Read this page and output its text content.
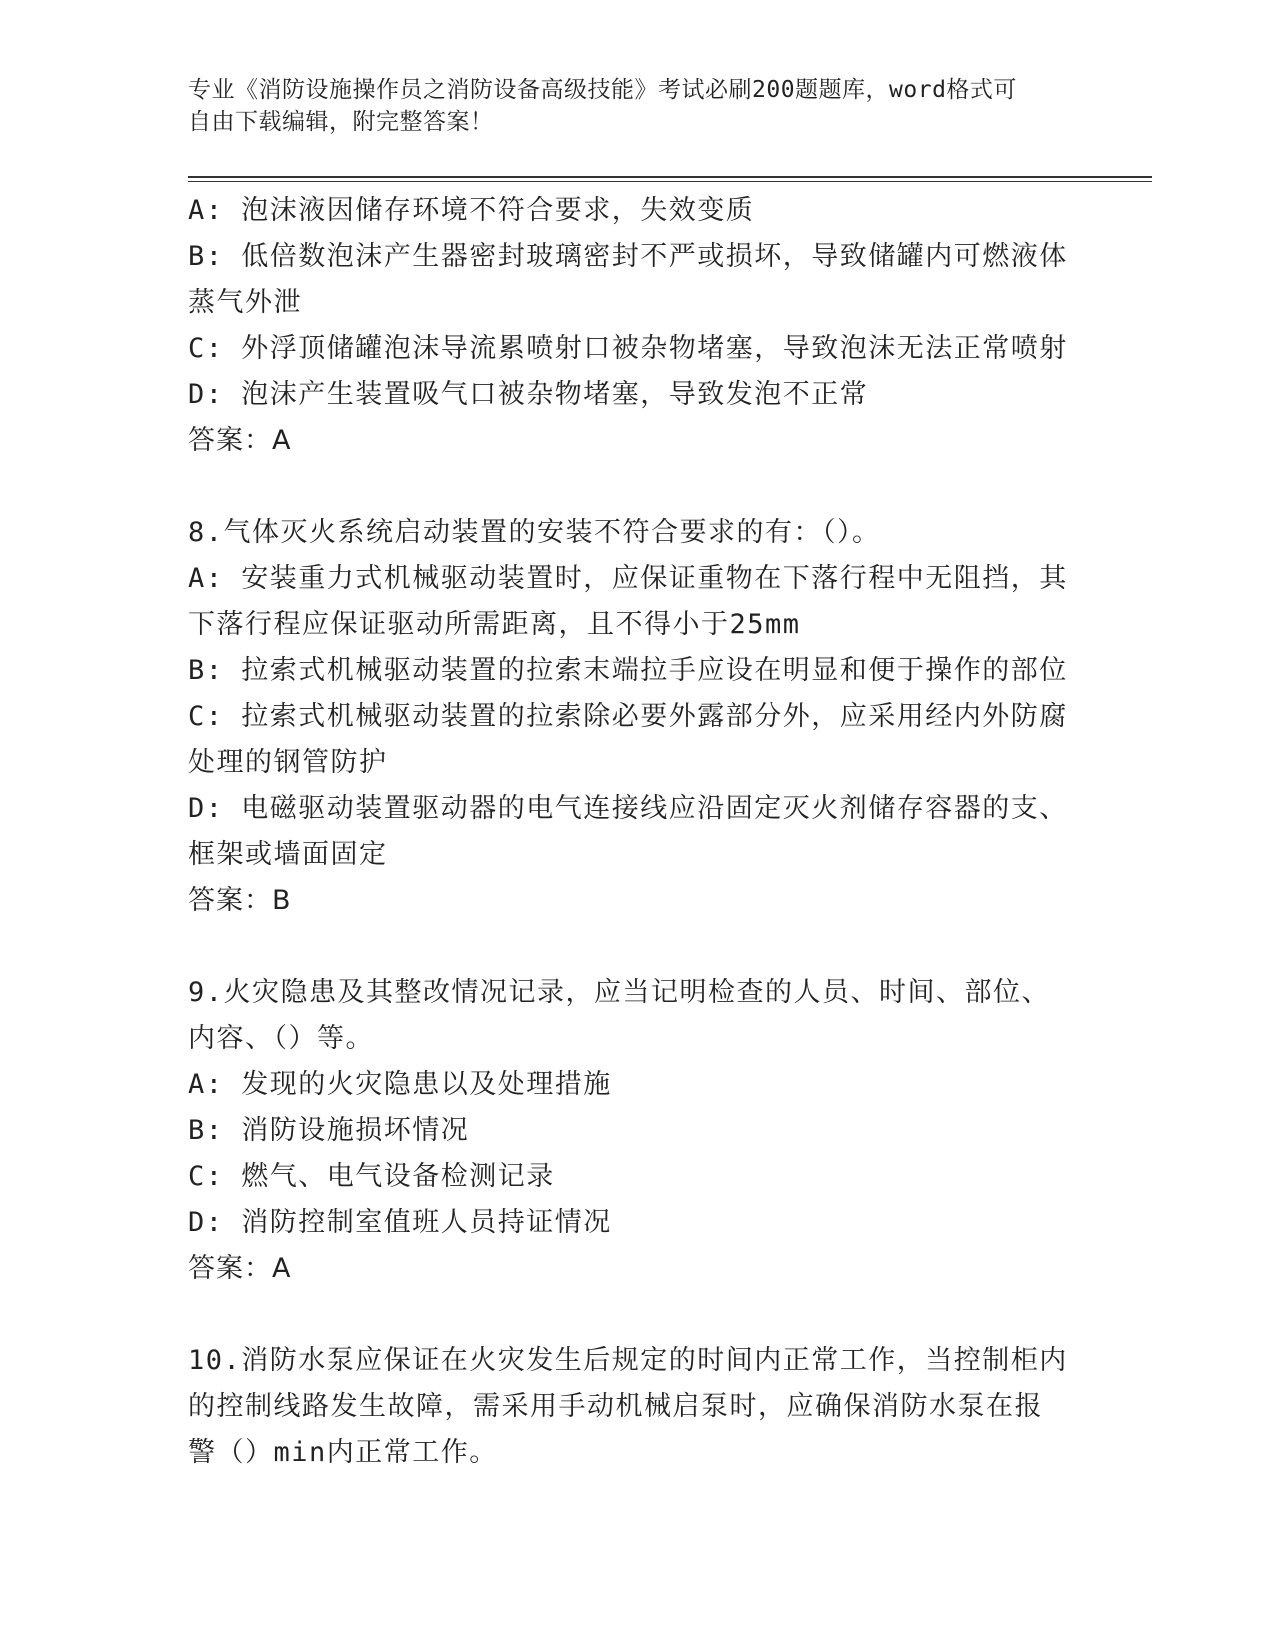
专业《消防设施操作员之消防设备高级技能》考试必刷200题题库，word格式可
自由下载编辑，附完整答案！
A: 泡沫液因储存环境不符合要求，失效变质
B: 低倍数泡沫产生器密封玻璃密封不严或损坏，导致储罐内可燃液体
蒸气外泄
C: 外浮顶储罐泡沫导流累喷射口被杂物堵塞，导致泡沫无法正常喷射
D: 泡沫产生装置吸气口被杂物堵塞，导致发泡不正常
答案：A
8.气体灭火系统启动装置的安装不符合要求的有：（）。
A: 安装重力式机械驱动装置时，应保证重物在下落行程中无阻挡，其
下落行程应保证驱动所需距离，且不得小于25mm
B: 拉索式机械驱动装置的拉索末端拉手应设在明显和便于操作的部位
C: 拉索式机械驱动装置的拉索除必要外露部分外，应采用经内外防腐
处理的钢管防护
D: 电磁驱动装置驱动器的电气连接线应沿固定灭火剂储存容器的支、
框架或墙面固定
答案：B
9.火灾隐患及其整改情况记录，应当记明检查的人员、时间、部位、
内容、（）等。
A: 发现的火灾隐患以及处理措施
B: 消防设施损坏情况
C: 燃气、电气设备检测记录
D: 消防控制室值班人员持证情况
答案：A
10.消防水泵应保证在火灾发生后规定的时间内正常工作，当控制柜内
的控制线路发生故障，需采用手动机械启泵时，应确保消防水泵在报
警（）min内正常工作。
